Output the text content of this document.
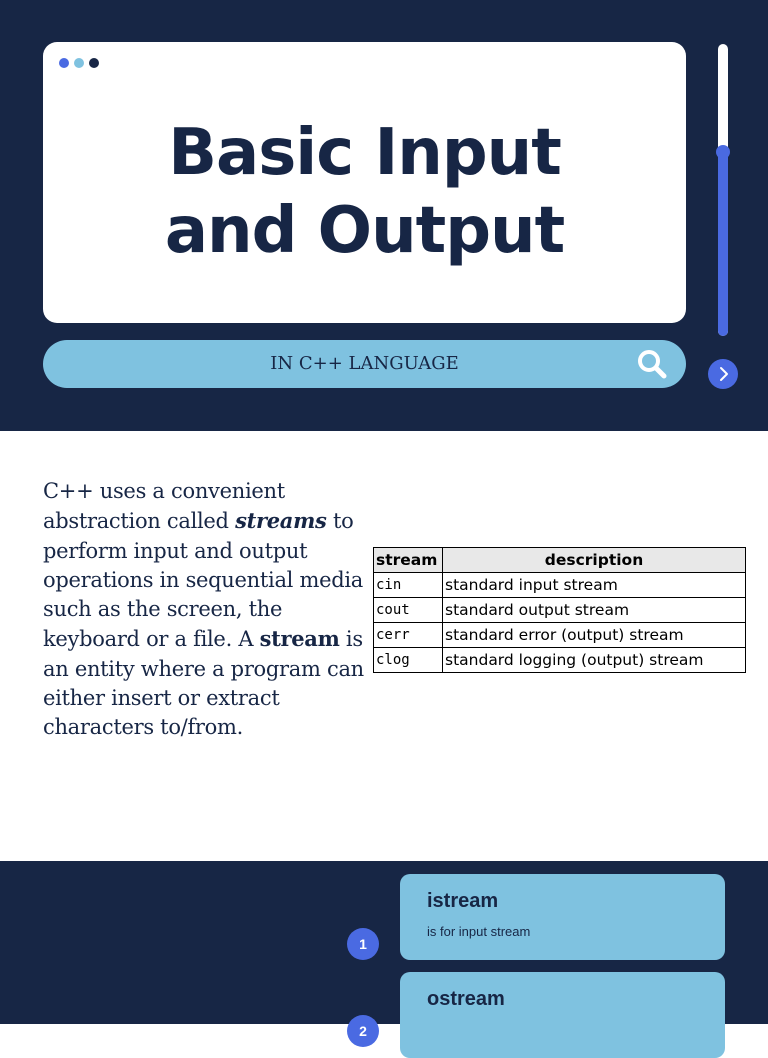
Basic Input
and Output
IN C++ LANGUAGE

C++ uses a convenient abstraction called streams to perform input and output operations in sequential media such as the screen, the keyboard or a file. A stream is an entity where a program can either insert or extract characters to/from.

stream	description
cin	standard input stream
cout	standard output stream
cerr	standard error (output) stream
clog	standard logging (output) stream
istream
is for input stream
1
ostream
2
